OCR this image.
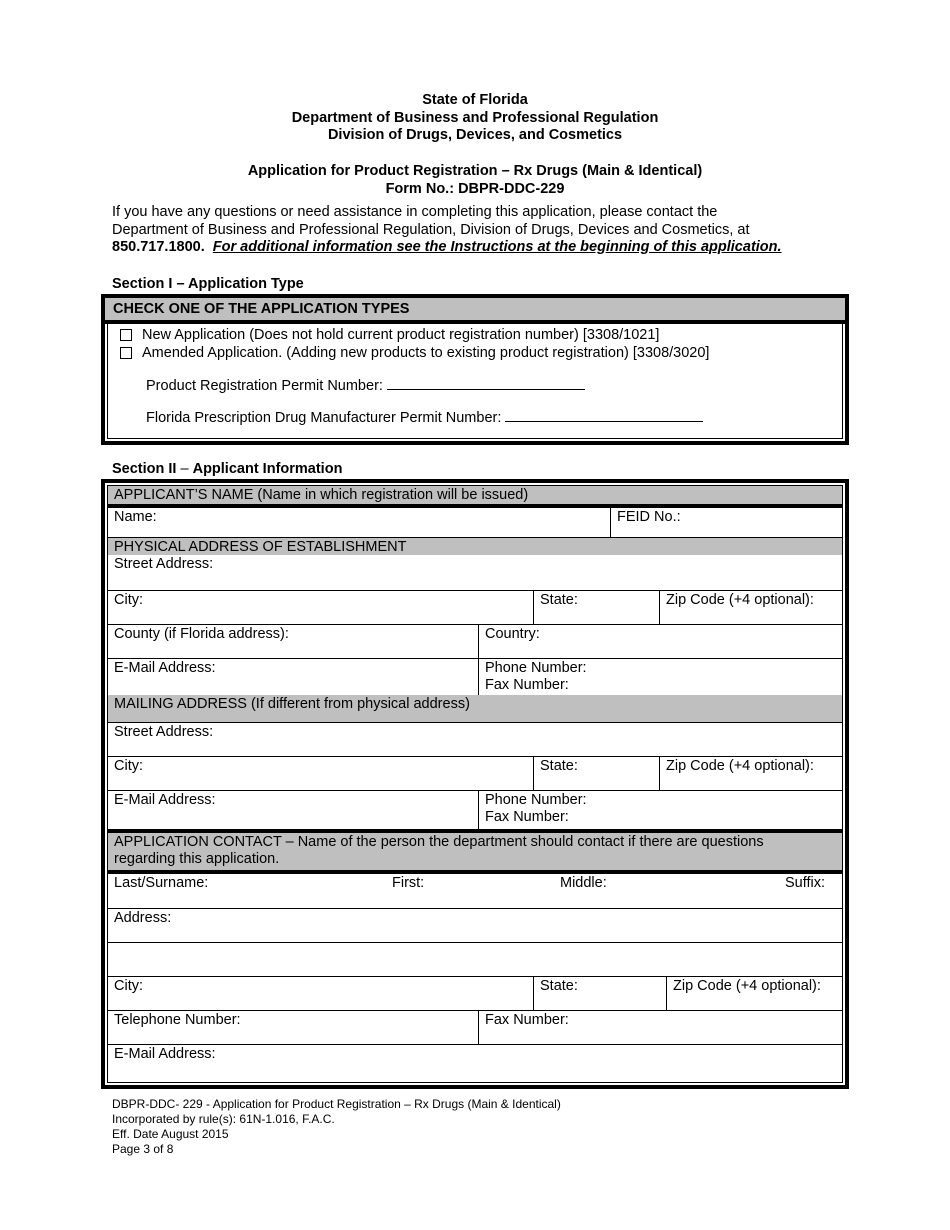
State of Florida
Department of Business and Professional Regulation
Division of Drugs, Devices, and Cosmetics
Application for Product Registration – Rx Drugs (Main & Identical)
Form No.: DBPR-DDC-229
If you have any questions or need assistance in completing this application, please contact the
Department of Business and Professional Regulation, Division of Drugs, Devices and Cosmetics, at
850.717.1800. For additional information see the Instructions at the beginning of this application.
Section I – Application Type
CHECK ONE OF THE APPLICATION TYPES
New Application (Does not hold current product registration number) [3308/1021]
Amended Application. (Adding new products to existing product registration) [3308/3020]
Product Registration Permit Number:
Florida Prescription Drug Manufacturer Permit Number:
Section II – Applicant Information
APPLICANT’S NAME (Name in which registration will be issued)
Name:	FEID No.:
PHYSICAL ADDRESS OF ESTABLISHMENT
Street Address:
City:	State:	Zip Code (+4 optional):
County (if Florida address):	Country:
E-Mail Address:	Phone Number:
Fax Number:
MAILING ADDRESS (If different from physical address)
Street Address:
City:	State:	Zip Code (+4 optional):
E-Mail Address:	Phone Number:
Fax Number:
APPLICATION CONTACT – Name of the person the department should contact if there are questions
regarding this application.
Last/Surname:	First:	Middle:	Suffix:
Address:
City:	State:	Zip Code (+4 optional):
Telephone Number:	Fax Number:
E-Mail Address:
DBPR-DDC- 229 - Application for Product Registration – Rx Drugs (Main & Identical)
Incorporated by rule(s): 61N-1.016, F.A.C.
Eff. Date August 2015
Page 3 of 8
